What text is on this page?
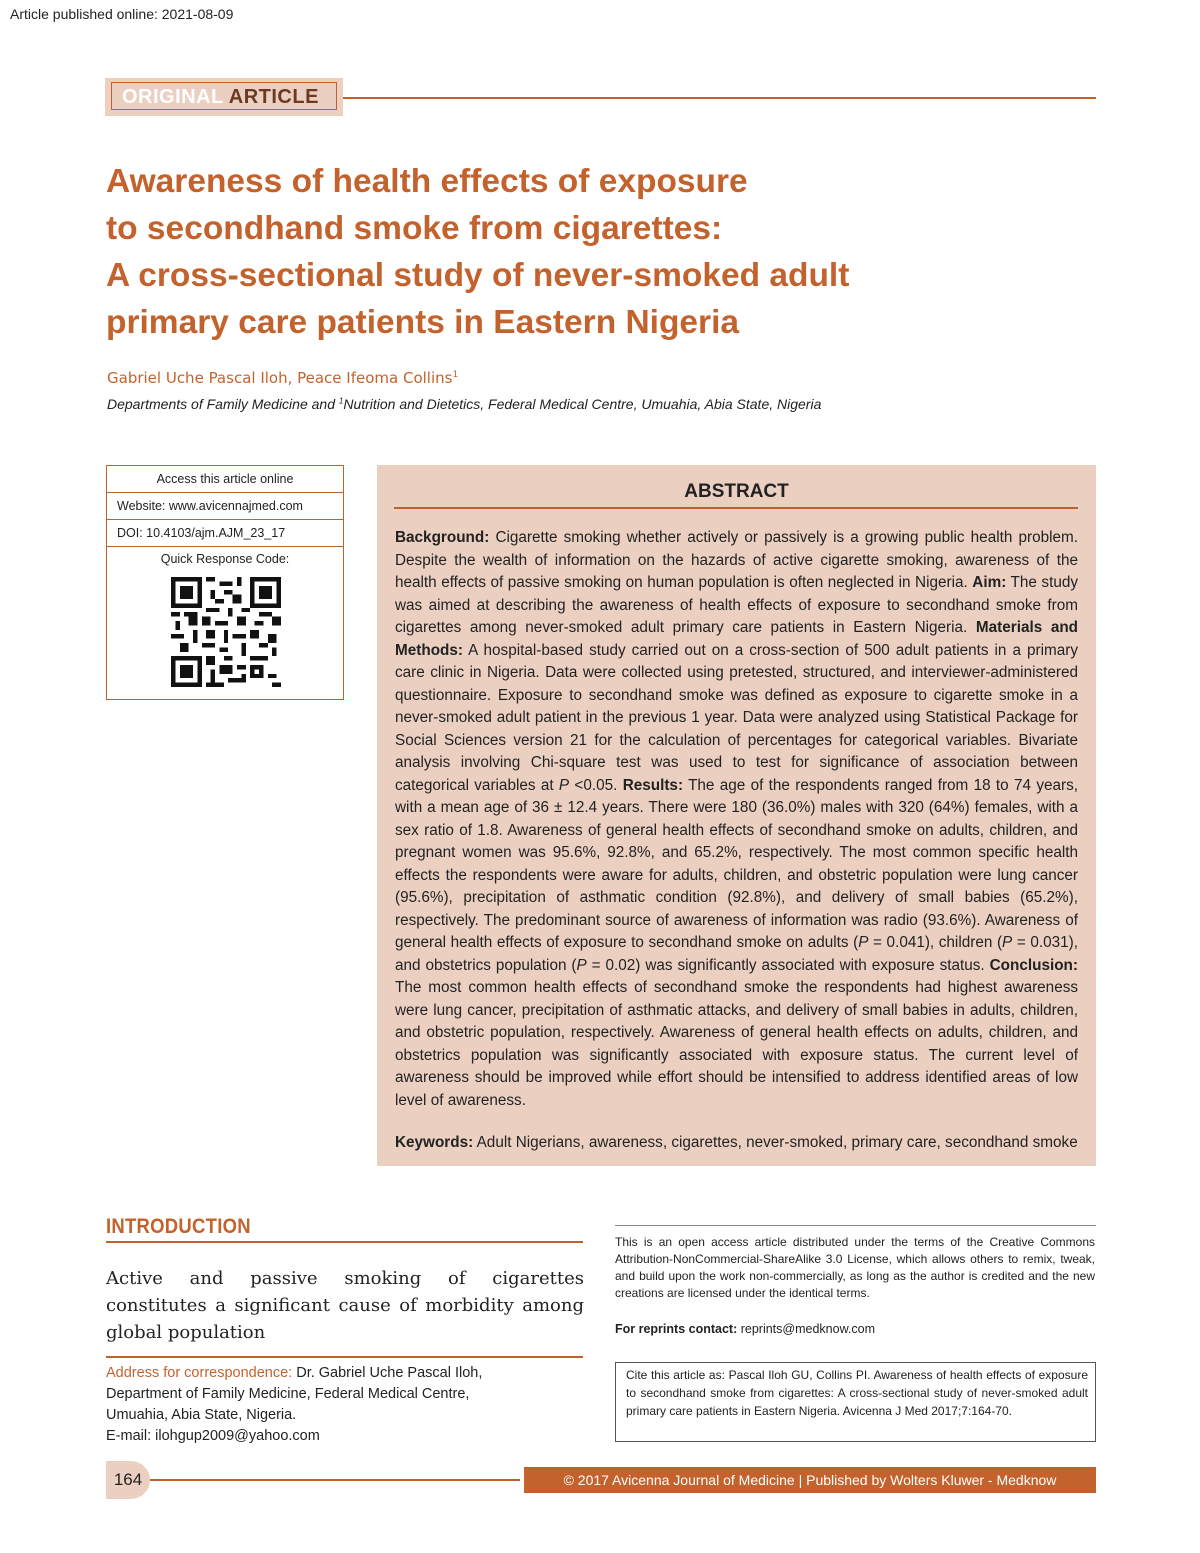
Article published online: 2021-08-09
ORIGINAL ARTICLE
Awareness of health effects of exposure
to secondhand smoke from cigarettes:
A cross-sectional study of never-smoked adult
primary care patients in Eastern Nigeria
Gabriel Uche Pascal Iloh, Peace Ifeoma Collins$^1$
Departments of Family Medicine and $^1$Nutrition and Dietetics, Federal Medical Centre, Umuahia, Abia State, Nigeria
Access this article online
Website: www.avicennajmed.com
DOI: 10.4103/ajm.AJM_23_17
Quick Response Code:
ABSTRACT
Background: Cigarette smoking whether actively or passively is a growing public health problem. Despite the wealth of information on the hazards of active cigarette smoking, awareness of the health effects of passive smoking on human population is often neglected in Nigeria. Aim: The study was aimed at describing the awareness of health effects of exposure to secondhand smoke from cigarettes among never-smoked adult primary care patients in Eastern Nigeria. Materials and Methods: A hospital-based study carried out on a cross-section of 500 adult patients in a primary care clinic in Nigeria. Data were collected using pretested, structured, and interviewer-administered questionnaire. Exposure to secondhand smoke was defined as exposure to cigarette smoke in a never-smoked adult patient in the previous 1 year. Data were analyzed using Statistical Package for Social Sciences version 21 for the calculation of percentages for categorical variables. Bivariate analysis involving Chi-square test was used to test for significance of association between categorical variables at P <0.05. Results: The age of the respondents ranged from 18 to 74 years, with a mean age of 36 ± 12.4 years. There were 180 (36.0%) males with 320 (64%) females, with a sex ratio of 1.8. Awareness of general health effects of secondhand smoke on adults, children, and pregnant women was 95.6%, 92.8%, and 65.2%, respectively. The most common specific health effects the respondents were aware for adults, children, and obstetric population were lung cancer (95.6%), precipitation of asthmatic condition (92.8%), and delivery of small babies (65.2%), respectively. The predominant source of awareness of information was radio (93.6%). Awareness of general health effects of exposure to secondhand smoke on adults (P = 0.041), children (P = 0.031), and obstetrics population (P = 0.02) was significantly associated with exposure status. Conclusion: The most common health effects of secondhand smoke the respondents had highest awareness were lung cancer, precipitation of asthmatic attacks, and delivery of small babies in adults, children, and obstetric population, respectively. Awareness of general health effects on adults, children, and obstetrics population was significantly associated with exposure status. The current level of awareness should be improved while effort should be intensified to address identified areas of low level of awareness.
Keywords: Adult Nigerians, awareness, cigarettes, never-smoked, primary care, secondhand smoke
INTRODUCTION
Active and passive smoking of cigarettes constitutes a significant cause of morbidity among global population
Address for correspondence: Dr. Gabriel Uche Pascal Iloh,
Department of Family Medicine, Federal Medical Centre,
Umuahia, Abia State, Nigeria.
E-mail: ilohgup2009@yahoo.com
This is an open access article distributed under the terms of the Creative Commons Attribution-NonCommercial-ShareAlike 3.0 License, which allows others to remix, tweak, and build upon the work non-commercially, as long as the author is credited and the new creations are licensed under the identical terms.
For reprints contact: reprints@medknow.com
Cite this article as: Pascal Iloh GU, Collins PI. Awareness of health effects of exposure to secondhand smoke from cigarettes: A cross-sectional study of never-smoked adult primary care patients in Eastern Nigeria. Avicenna J Med 2017;7:164-70.
164	© 2017 Avicenna Journal of Medicine | Published by Wolters Kluwer - Medknow
